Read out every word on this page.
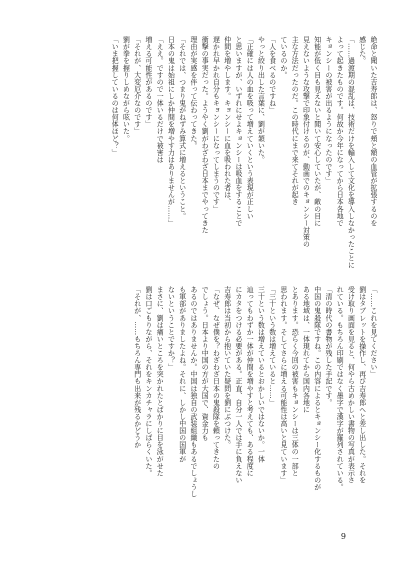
絶命と聞いた吉寿郎は、怒りで頬と額の血管が拡張するのを
感じた。
「……過渡期の混乱は、技術だけを輸入して文化を導入しなかったことに
よって起きたものです。何故か今年になってから日本各地で
キョンシーの被害が出るようになったのです」
知能が低く目も見えないと聞いて安心していたが、敵の目に
見えないような攻撃で印象付けるのが、動画でのキョンシー対策の
主な方法だったのだ。この時代にまで来てそれが起き
ているのか。
「人を食べるのですね」
やっと絞り出した言葉に、劉が頷いた。
「正確には人の血を吸って増えていくという表現が正しい
と思いますが、いずれにせよキョンシーは吸血をすることで
仲間を増やします。キョンシーに血を吸われた者は、
遅かれ早かれ自分もキョンシーになってしまうのです」
衝撃の事実だった。ようやく劉がわざわざ日本までやってきた
理由が実感を伴って伝わってきた。
「それでは、つまり鬼がねずみ算式に増えるということ。
日本の鬼は始祖にしか仲間を増やす力はありませんが……」
「ええ。ですので一体いるだけで被害は
増える可能性があるのです」
「それが、大変厄介なのです」
劉が拳を握りしめながら呟いた。
「いま把握しているのは何体ほど？」
「……これを見てください」
劉はタブレットを操作し、再び吉寿郎へと差し出した。それを
受け取り画面を見ると、何やら古めかしい書物の写真が表示さ
れている。もちろん印刷ではなく墨字で漢字が羅列されている。
「清の時代の書物が残した手記です。
中国の鬼殺隊ですね。この内容によるとキョンシー化するものが
ある地域は、一体現れてから国内各地に
とあります。恐らく今回の被害もキョンシーは三体の一部と
思われます。そしてさらに増える可能性は高いと見ています」
「三十という数は増えていると……」
三十という数は増えているとおかしいではないか。一体
辿ってもわずか一体が仲間を増やすと考えても、ある程度に
にカタをつける必要がある。正直、自分一人では手に負えない
吉寿郎は当初から抱いていた疑問を劉にぶつけた。
「なぜ、なぜ僕を？わざわざ日本の鬼殺隊を頼ってきたの
でしょう。日本より中国の方が大国で、資金力も
あるのではありませんか。中国は独自の武装組織もあるでしょうし
も軍部がありましたよね。それに、しかし中国の国軍が
ないということですか？」
まさに、劉は痛いところを突かれたとばかりに目を泳がせた
劉は口ごもりながら、それをキンカチャラにしばらくいた。
「それが、……もちろん専門も出来が残るかどうか
9
